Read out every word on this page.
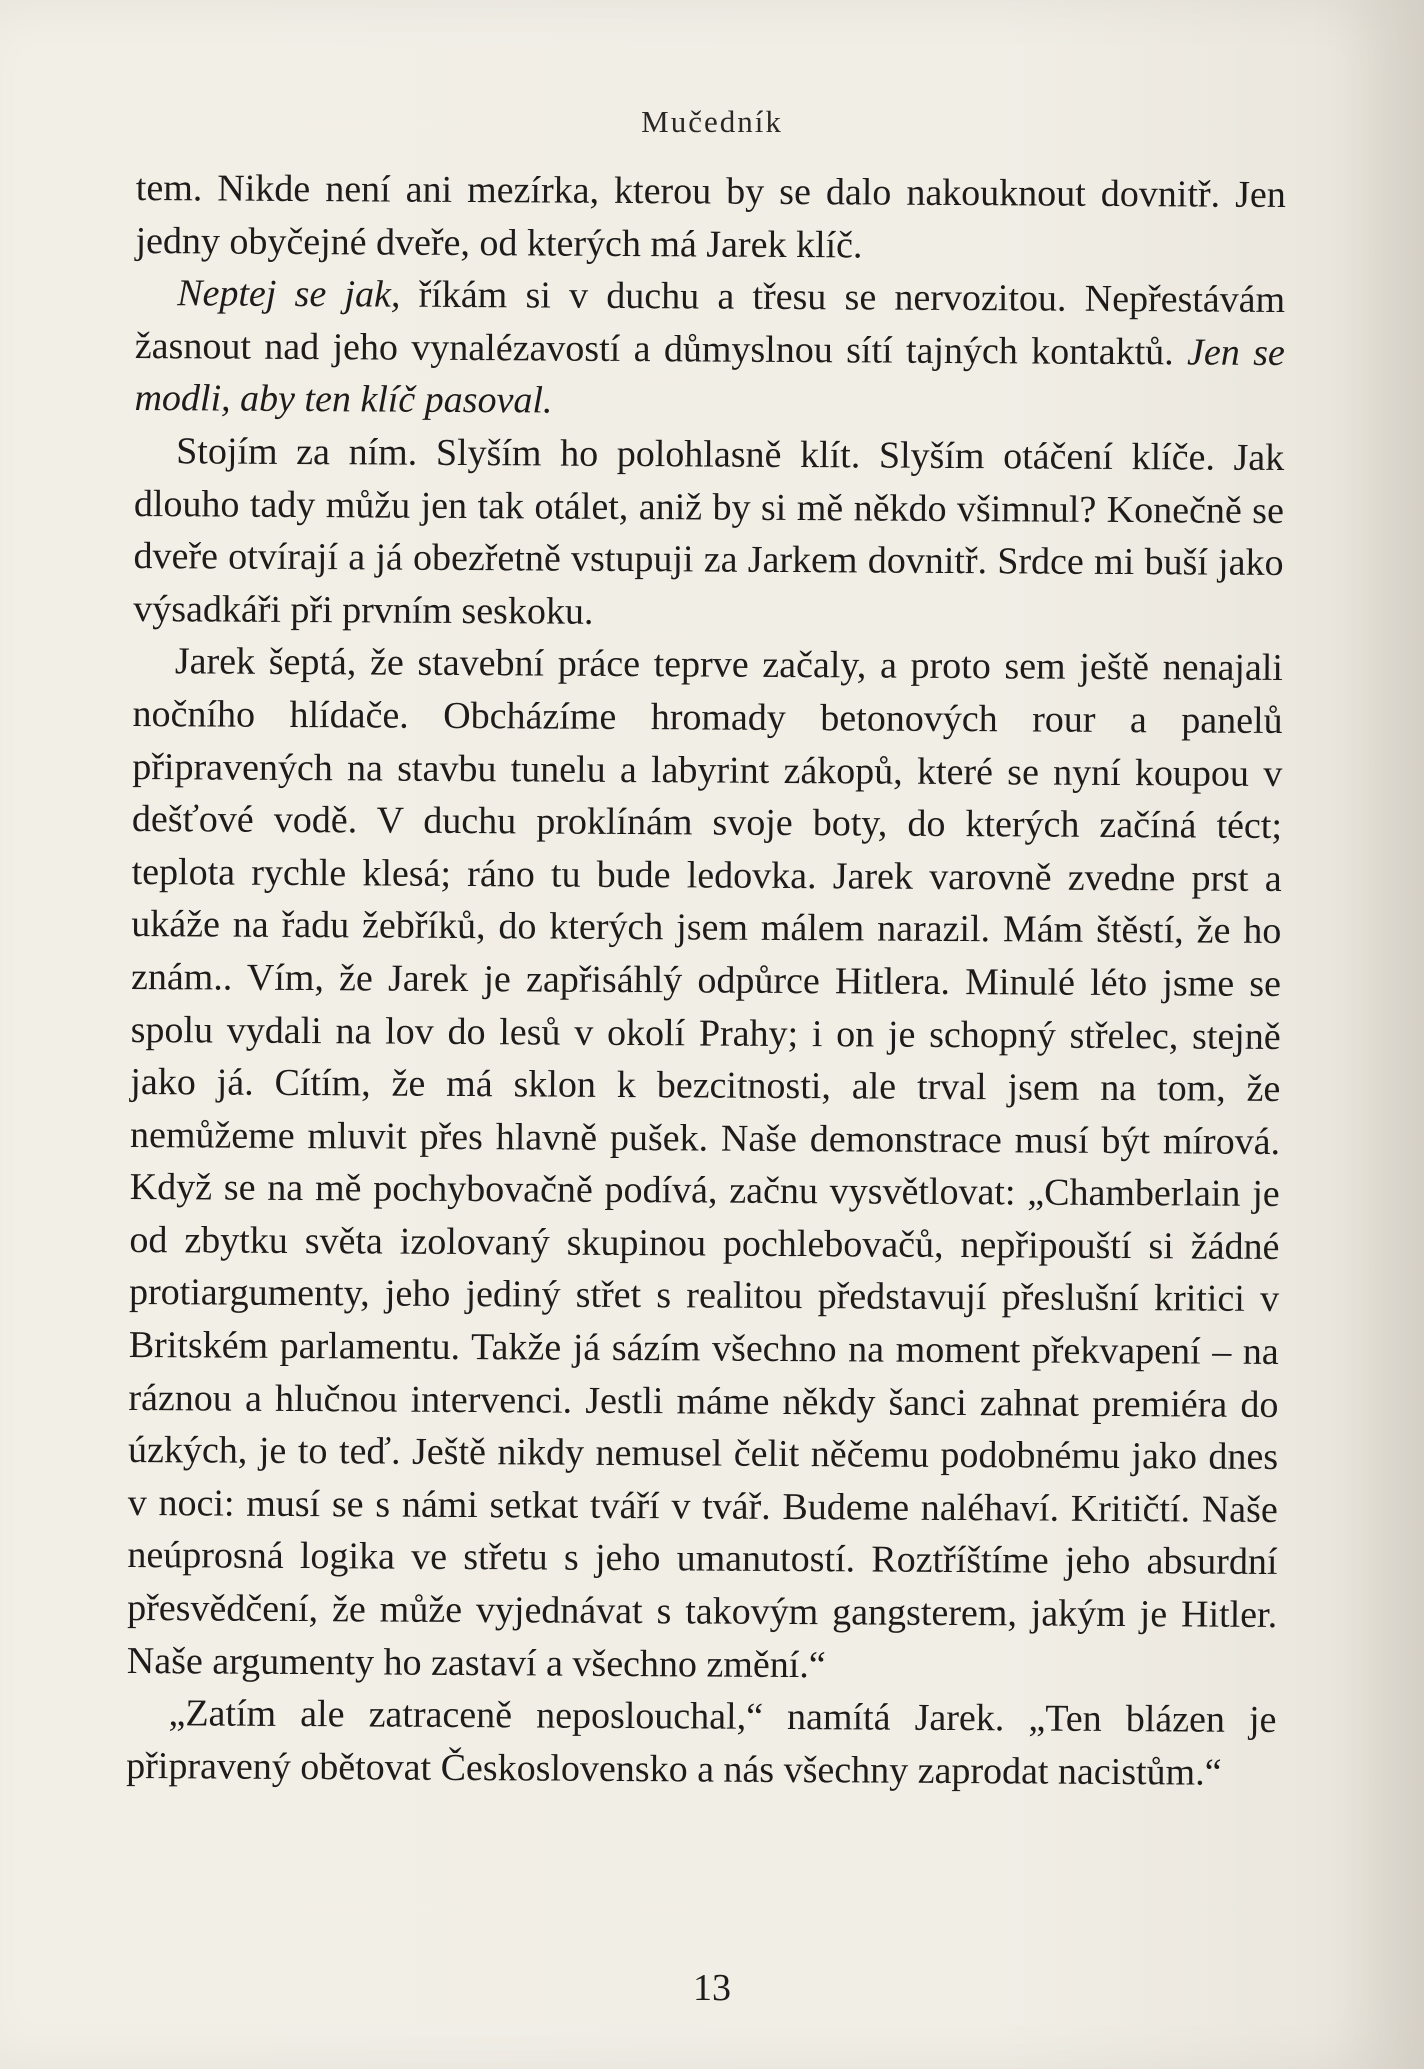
Mučedník

tem. Nikde není ani mezírka, kterou by se dalo nakouknout dovnitř. Jen jedny obyčejné dveře, od kterých má Jarek klíč.

Neptej se jak, říkám si v duchu a třesu se nervozitou. Nepřestávám žasnout nad jeho vynalézavostí a důmyslnou sítí tajných kontaktů. Jen se modli, aby ten klíč pasoval.

Stojím za ním. Slyším ho polohlasně klít. Slyším otáčení klíče. Jak dlouho tady můžu jen tak otálet, aniž by si mě někdo všimnul? Konečně se dveře otvírají a já obezřetně vstupuji za Jarkem dovnitř. Srdce mi buší jako výsadkáři při prvním seskoku.

Jarek šeptá, že stavební práce teprve začaly, a proto sem ještě nenajali nočního hlídače. Obcházíme hromady betonových rour a panelů připravených na stavbu tunelu a labyrint zákopů, které se nyní koupou v dešťové vodě. V duchu proklínám svoje boty, do kterých začíná téct; teplota rychle klesá; ráno tu bude ledovka. Jarek varovně zvedne prst a ukáže na řadu žebříků, do kterých jsem málem narazil. Mám štěstí, že ho znám.. Vím, že Jarek je zapřisáhlý odpůrce Hitlera. Minulé léto jsme se spolu vydali na lov do lesů v okolí Prahy; i on je schopný střelec, stejně jako já. Cítím, že má sklon k bezcitnosti, ale trval jsem na tom, že nemůžeme mluvit přes hlavně pušek. Naše demonstrace musí být mírová. Když se na mě pochybovačně podívá, začnu vysvětlovat: „Chamberlain je od zbytku světa izolovaný skupinou pochlebovačů, nepřipouští si žádné protiargumenty, jeho jediný střet s realitou představují přeslušní kritici v Britském parlamentu. Takže já sázím všechno na moment překvapení – na ráznou a hlučnou intervenci. Jestli máme někdy šanci zahnat premiéra do úzkých, je to teď. Ještě nikdy nemusel čelit něčemu podobnému jako dnes v noci: musí se s námi setkat tváří v tvář. Budeme naléhaví. Kritičtí. Naše neúprosná logika ve střetu s jeho umanutostí. Roztříštíme jeho absurdní přesvědčení, že může vyjednávat s takovým gangsterem, jakým je Hitler. Naše argumenty ho zastaví a všechno změní.“

„Zatím ale zatraceně neposlouchal,“ namítá Jarek. „Ten blázen je připravený obětovat Československo a nás všechny zaprodat nacistům.“

13
